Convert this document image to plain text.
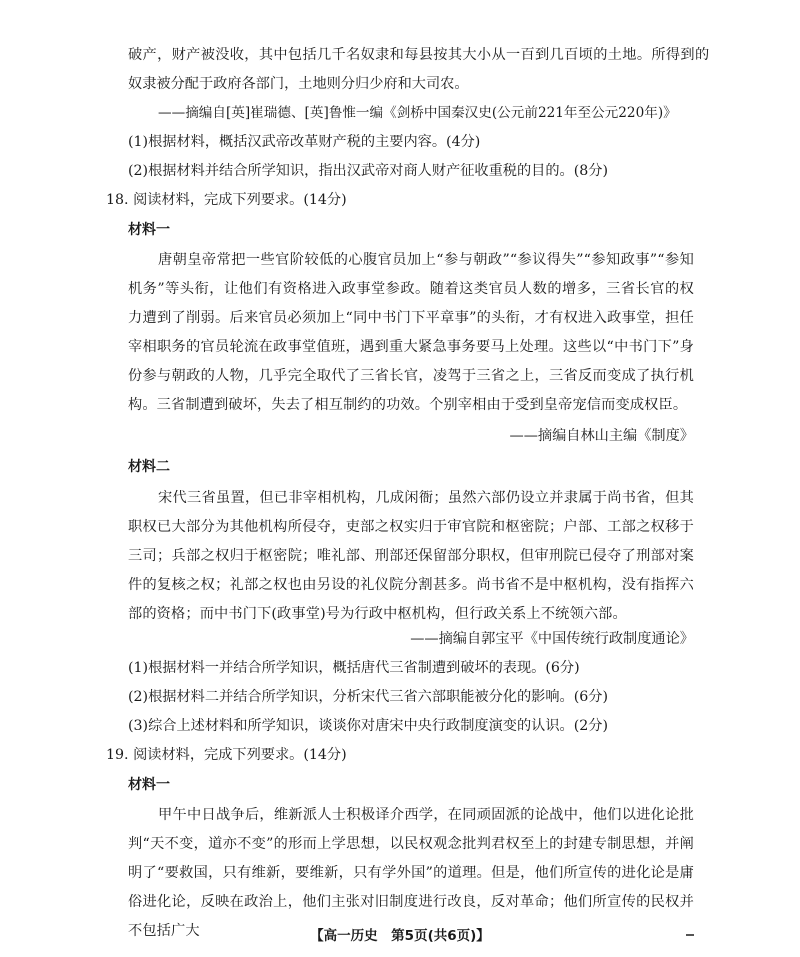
破产，财产被没收，其中包括几千名奴隶和每县按其大小从一百到几百顷的土地。所得到的

奴隶被分配于政府各部门，土地则分归少府和大司农。

——摘编自[英]崔瑞德、[英]鲁惟一编《剑桥中国秦汉史(公元前221年至公元220年)》

(1)根据材料，概括汉武帝改革财产税的主要内容。(4分)

(2)根据材料并结合所学知识，指出汉武帝对商人财产征收重税的目的。(8分)

18. 阅读材料，完成下列要求。(14分)

材料一

唐朝皇帝常把一些官阶较低的心腹官员加上“参与朝政”“参议得失”“参知政事”“参知机务”等头衔，让他们有资格进入政事堂参政。随着这类官员人数的增多，三省长官的权力遭到了削弱。后来官员必须加上“同中书门下平章事”的头衔，才有权进入政事堂，担任宰相职务的官员轮流在政事堂值班，遇到重大紧急事务要马上处理。这些以“中书门下”身份参与朝政的人物，几乎完全取代了三省长官，凌驾于三省之上，三省反而变成了执行机构。三省制遭到破坏，失去了相互制约的功效。个别宰相由于受到皇帝宠信而变成权臣。

——摘编自林山主编《制度》

材料二

宋代三省虽置，但已非宰相机构，几成闲衙；虽然六部仍设立并隶属于尚书省，但其职权已大部分为其他机构所侵夺，吏部之权实归于审官院和枢密院；户部、工部之权移于三司；兵部之权归于枢密院；唯礼部、刑部还保留部分职权，但审刑院已侵夺了刑部对案件的复核之权；礼部之权也由另设的礼仪院分割甚多。尚书省不是中枢机构，没有指挥六部的资格；而中书门下(政事堂)号为行政中枢机构，但行政关系上不统领六部。

——摘编自郭宝平《中国传统行政制度通论》

(1)根据材料一并结合所学知识，概括唐代三省制遭到破坏的表现。(6分)

(2)根据材料二并结合所学知识，分析宋代三省六部职能被分化的影响。(6分)

(3)综合上述材料和所学知识，谈谈你对唐宋中央行政制度演变的认识。(2分)

19. 阅读材料，完成下列要求。(14分)

材料一

甲午中日战争后，维新派人士积极译介西学，在同顽固派的论战中，他们以进化论批判“天不变，道亦不变”的形而上学思想，以民权观念批判君权至上的封建专制思想，并阐明了“要救国，只有维新，要维新，只有学外国”的道理。但是，他们所宣传的进化论是庸俗进化论，反映在政治上，他们主张对旧制度进行改良，反对革命；他们所宣传的民权并不包括广大	【高一历史　第5页(共6页)】
